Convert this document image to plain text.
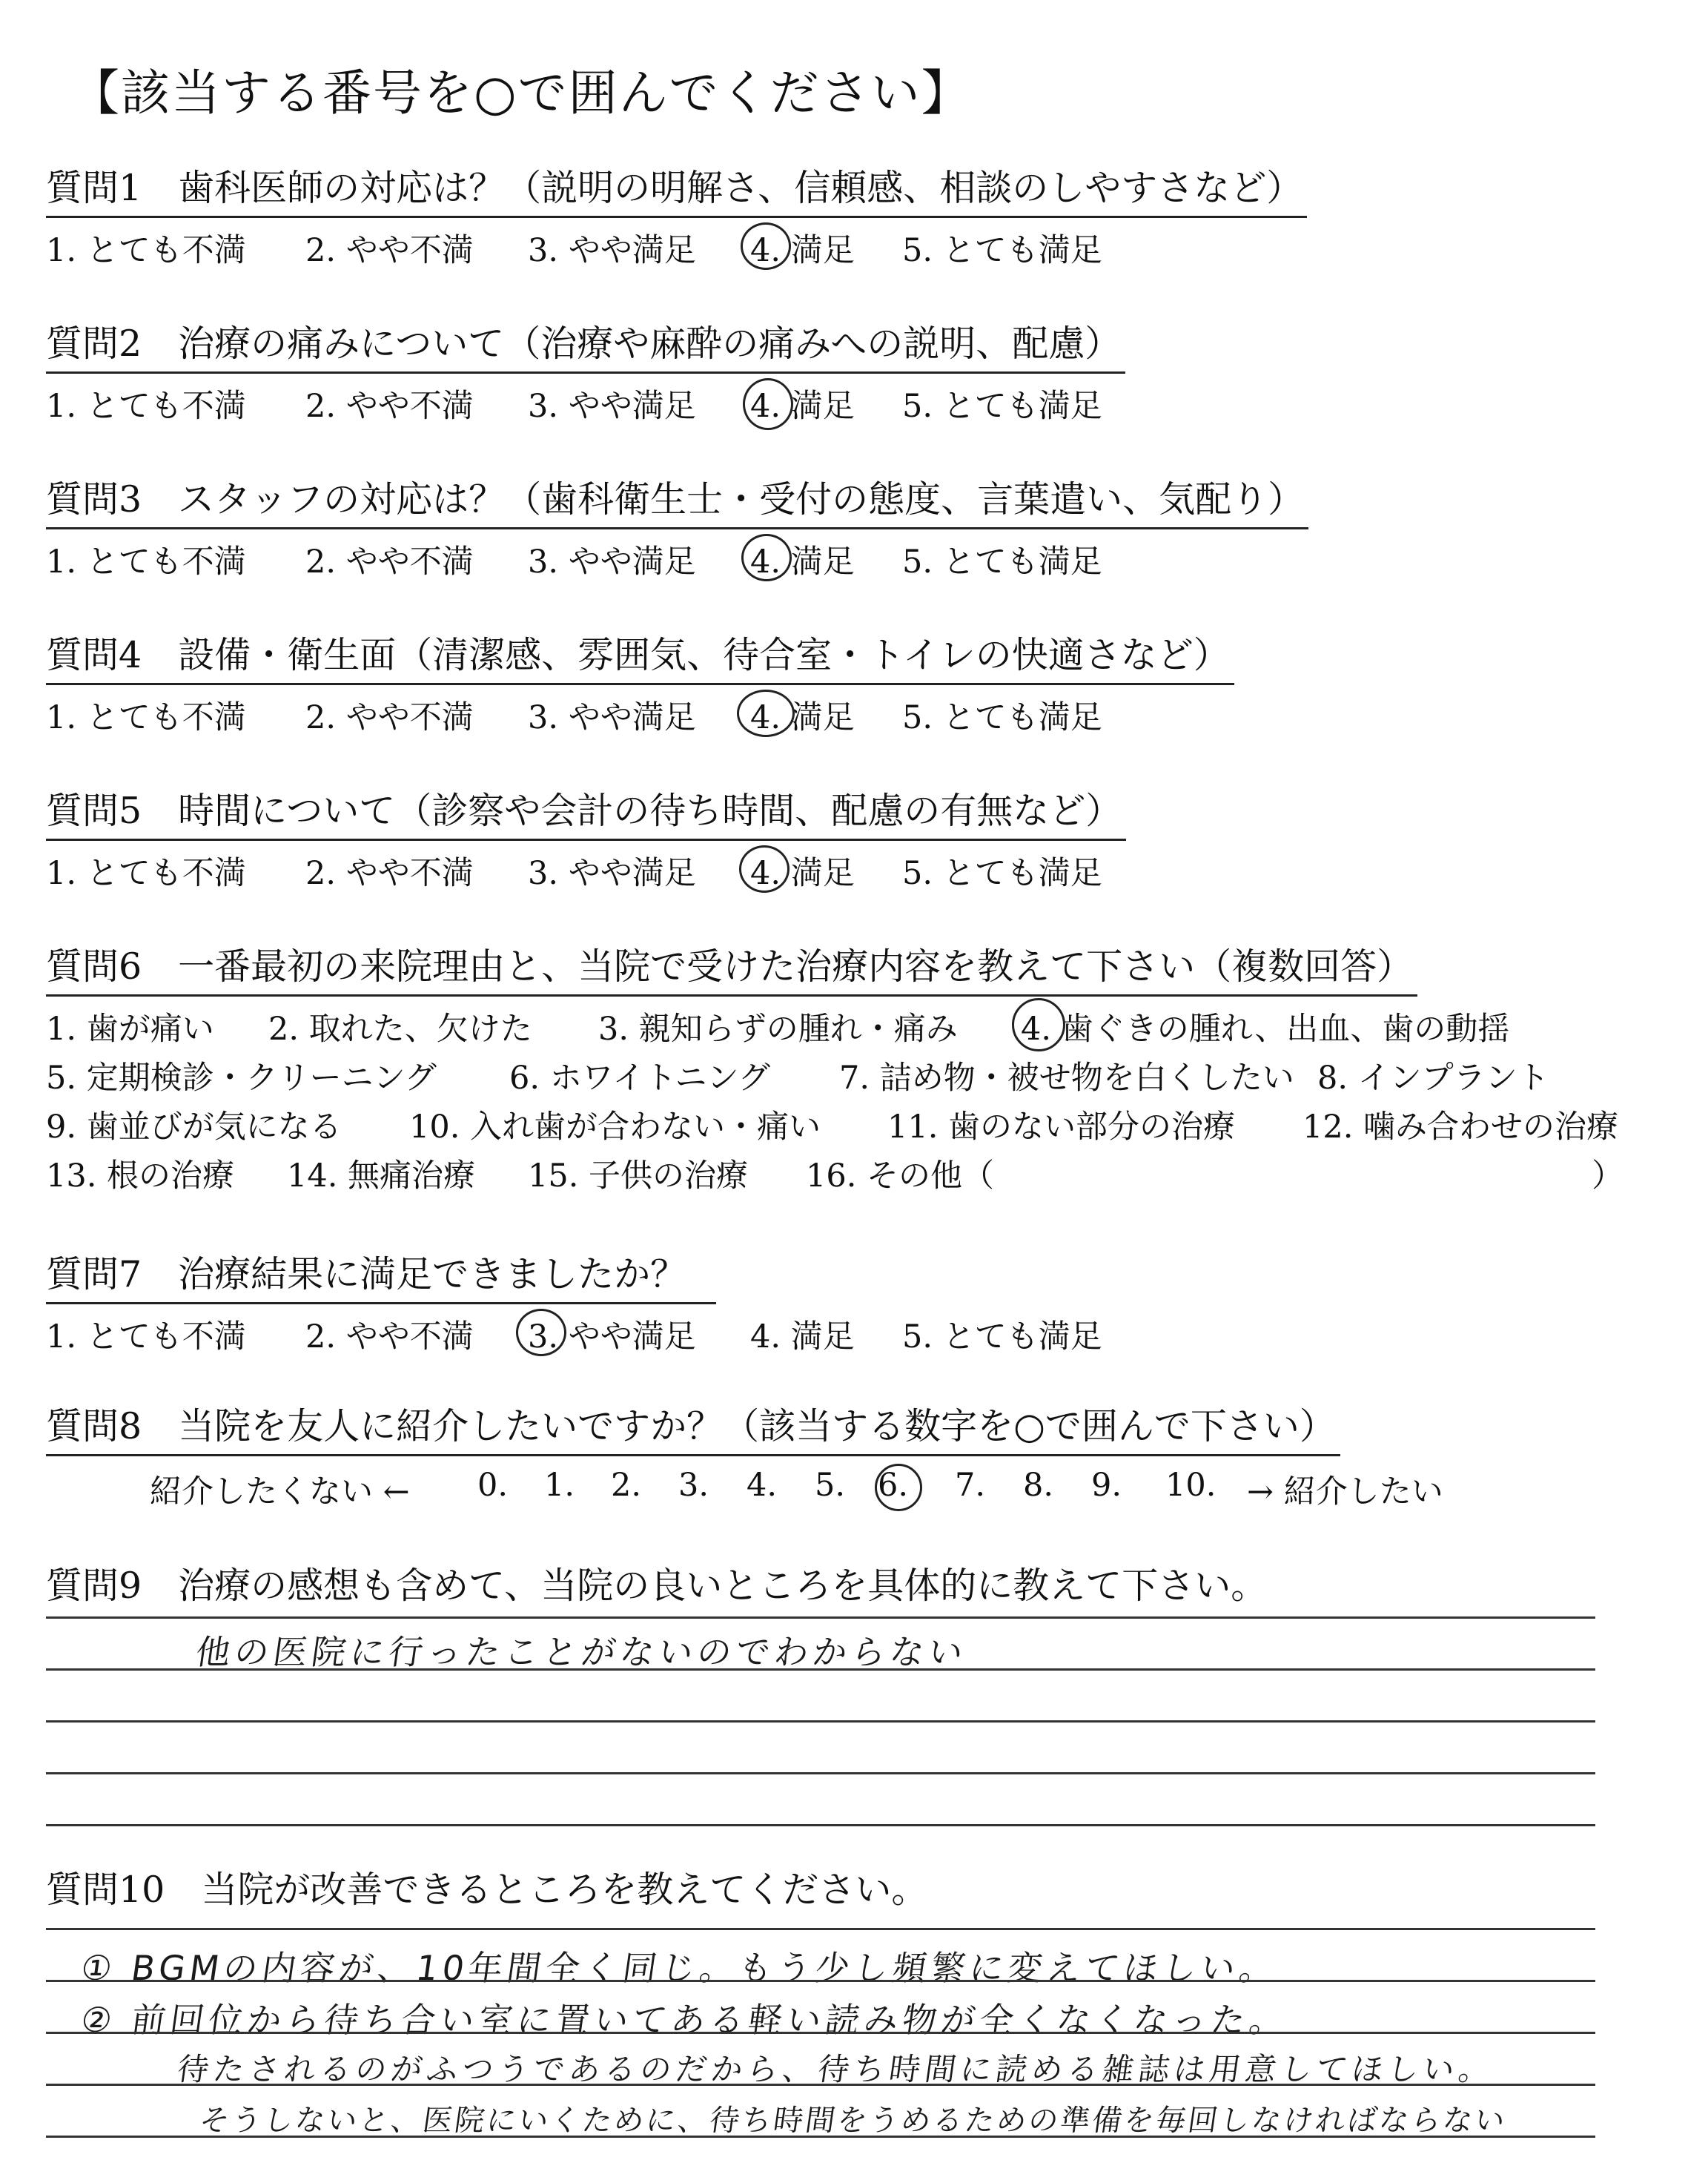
【該当する番号を○で囲んでください】
質問1　歯科医師の対応は？（説明の明解さ、信頼感、相談のしやすさなど）
1. とても不満 2. やや不満 3. やや満足 4. 満足 5. とても満足
質問2　治療の痛みについて（治療や麻酔の痛みへの説明、配慮）
1. とても不満 2. やや不満 3. やや満足 4. 満足 5. とても満足
質問3　スタッフの対応は？（歯科衛生士・受付の態度、言葉遣い、気配り）
1. とても不満 2. やや不満 3. やや満足 4. 満足 5. とても満足
質問4　設備・衛生面（清潔感、雰囲気、待合室・トイレの快適さなど）
1. とても不満 2. やや不満 3. やや満足 4. 満足 5. とても満足
質問5　時間について（診察や会計の待ち時間、配慮の有無など）
1. とても不満 2. やや不満 3. やや満足 4. 満足 5. とても満足
質問6　一番最初の来院理由と、当院で受けた治療内容を教えて下さい（複数回答）
1. 歯が痛い 2. 取れた、欠けた 3. 親知らずの腫れ・痛み 4. 歯ぐきの腫れ、出血、歯の動揺
5. 定期検診・クリーニング 6. ホワイトニング 7. 詰め物・被せ物を白くしたい 8. インプラント
9. 歯並びが気になる 10. 入れ歯が合わない・痛い 11. 歯のない部分の治療 12. 噛み合わせの治療
13. 根の治療 14. 無痛治療 15. 子供の治療 16. その他（	）
質問7　治療結果に満足できましたか？
1. とても不満 2. やや不満 3. やや満足 4. 満足 5. とても満足
質問8　当院を友人に紹介したいですか？（該当する数字を○で囲んで下さい）
紹介したくない ← 0. 1. 2. 3. 4. 5. 6. 7. 8. 9. 10. → 紹介したい
質問9　治療の感想も含めて、当院の良いところを具体的に教えて下さい。
他の医院に行ったことがないのでわからない
質問10　当院が改善できるところを教えてください。
① BGMの内容が、10年間全く同じ。もう少し頻繁に変えてほしい。
② 前回位から待ち合い室に置いてある軽い読み物が全くなくなった。
待たされるのがふつうであるのだから、待ち時間に読める雑誌は用意してほしい。
そうしないと、医院にいくために、待ち時間をうめるための準備を毎回しなければならない
